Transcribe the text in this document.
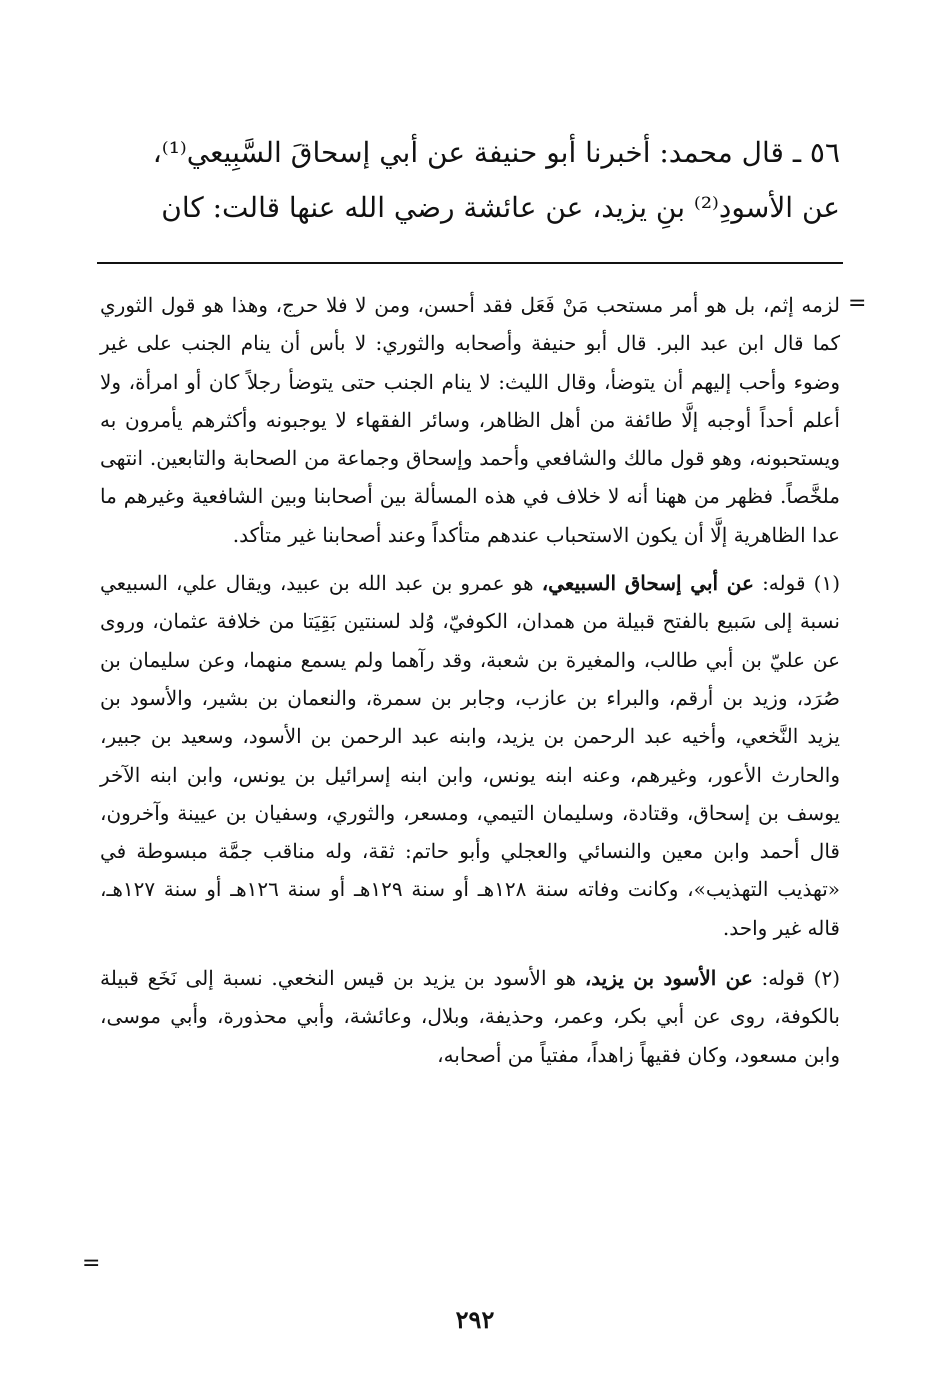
٥٦ ـ قال محمد: أخبرنا أبو حنيفة عن أبي إسحاقَ السَّبِيعي⁽¹⁾،

عن الأسودِ⁽²⁾ بنِ يزيد، عن عائشة رضي الله عنها قالت: كان

=

لزمه إثم، بل هو أمر مستحب مَنْ فَعَل فقد أحسن، ومن لا فلا حرج، وهذا هو قول الثوري كما قال ابن عبد البر. قال أبو حنيفة وأصحابه والثوري: لا بأس أن ينام الجنب على غير وضوء وأحب إليهم أن يتوضأ، وقال الليث: لا ينام الجنب حتى يتوضأ رجلاً كان أو امرأة، ولا أعلم أحداً أوجبه إلَّا طائفة من أهل الظاهر، وسائر الفقهاء لا يوجبونه وأكثرهم يأمرون به ويستحبونه، وهو قول مالك والشافعي وأحمد وإسحاق وجماعة من الصحابة والتابعين. انتهى ملخَّصاً. فظهر من ههنا أنه لا خلاف في هذه المسألة بين أصحابنا وبين الشافعية وغيرهم ما عدا الظاهرية إلَّا أن يكون الاستحباب عندهم متأكداً وعند أصحابنا غير متأكد.

(١) قوله: عن أبي إسحاق السبيعي، هو عمرو بن عبد الله بن عبيد، ويقال علي، السبيعي نسبة إلى سَبيع بالفتح قبيلة من همدان، الكوفيّ، وُلد لسنتين بَقِيَتا من خلافة عثمان، وروى عن عليّ بن أبي طالب، والمغيرة بن شعبة، وقد رآهما ولم يسمع منهما، وعن سليمان بن صُرَد، وزيد بن أرقم، والبراء بن عازب، وجابر بن سمرة، والنعمان بن بشير، والأسود بن يزيد النَّخعي، وأخيه عبد الرحمن بن يزيد، وابنه عبد الرحمن بن الأسود، وسعيد بن جبير، والحارث الأعور، وغيرهم، وعنه ابنه يونس، وابن ابنه إسرائيل بن يونس، وابن ابنه الآخر يوسف بن إسحاق، وقتادة، وسليمان التيمي، ومسعر، والثوري، وسفيان بن عيينة وآخرون، قال أحمد وابن معين والنسائي والعجلي وأبو حاتم: ثقة، وله مناقب جمَّة مبسوطة في «تهذيب التهذيب»، وكانت وفاته سنة ١٢٨هـ أو سنة ١٢٩هـ أو سنة ١٢٦هـ أو سنة ١٢٧هـ، قاله غير واحد.

(٢) قوله: عن الأسود بن يزيد، هو الأسود بن يزيد بن قيس النخعي. نسبة إلى نَخَع قبيلة بالكوفة، روى عن أبي بكر، وعمر، وحذيفة، وبلال، وعائشة، وأبي محذورة، وأبي موسى، وابن مسعود، وكان فقيهاً زاهداً، مفتياً من أصحابه،

=
٢٩٢
